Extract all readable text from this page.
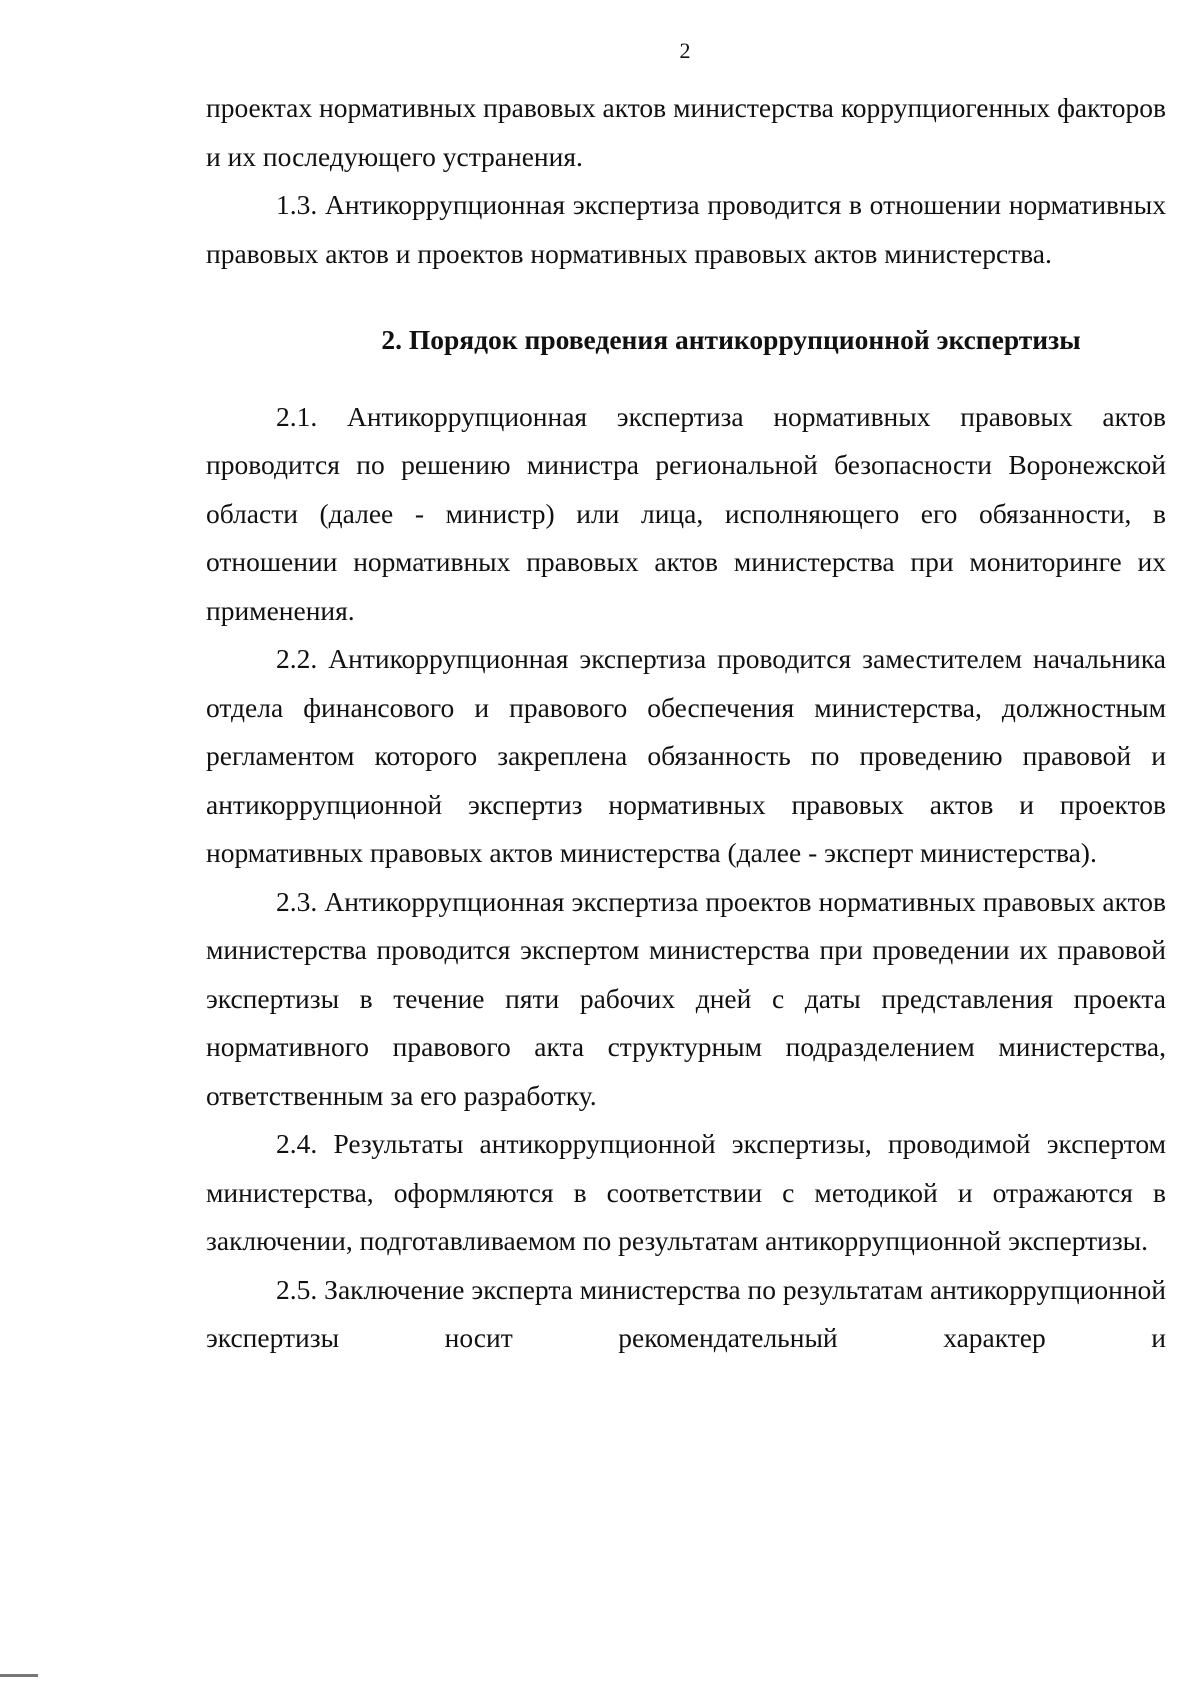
2

проектах нормативных правовых актов министерства коррупциогенных факторов и их последующего устранения.

1.3. Антикоррупционная экспертиза проводится в отношении нормативных правовых актов и проектов нормативных правовых актов министерства.

2. Порядок проведения антикоррупционной экспертизы

2.1. Антикоррупционная экспертиза нормативных правовых актов проводится по решению министра региональной безопасности Воронежской области (далее - министр) или лица, исполняющего его обязанности, в отношении нормативных правовых актов министерства при мониторинге их применения.

2.2. Антикоррупционная экспертиза проводится заместителем начальника отдела финансового и правового обеспечения министерства, должностным регламентом которого закреплена обязанность по проведению правовой и антикоррупционной экспертиз нормативных правовых актов и проектов нормативных правовых актов министерства (далее - эксперт министерства).

2.3. Антикоррупционная экспертиза проектов нормативных правовых актов министерства проводится экспертом министерства при проведении их правовой экспертизы в течение пяти рабочих дней с даты представления проекта нормативного правового акта структурным подразделением министерства, ответственным за его разработку.

2.4. Результаты антикоррупционной экспертизы, проводимой экспертом министерства, оформляются в соответствии с методикой и отражаются в заключении, подготавливаемом по результатам антикоррупционной экспертизы.

2.5. Заключение эксперта министерства по результатам антикоррупционной экспертизы носит рекомендательный характер и
